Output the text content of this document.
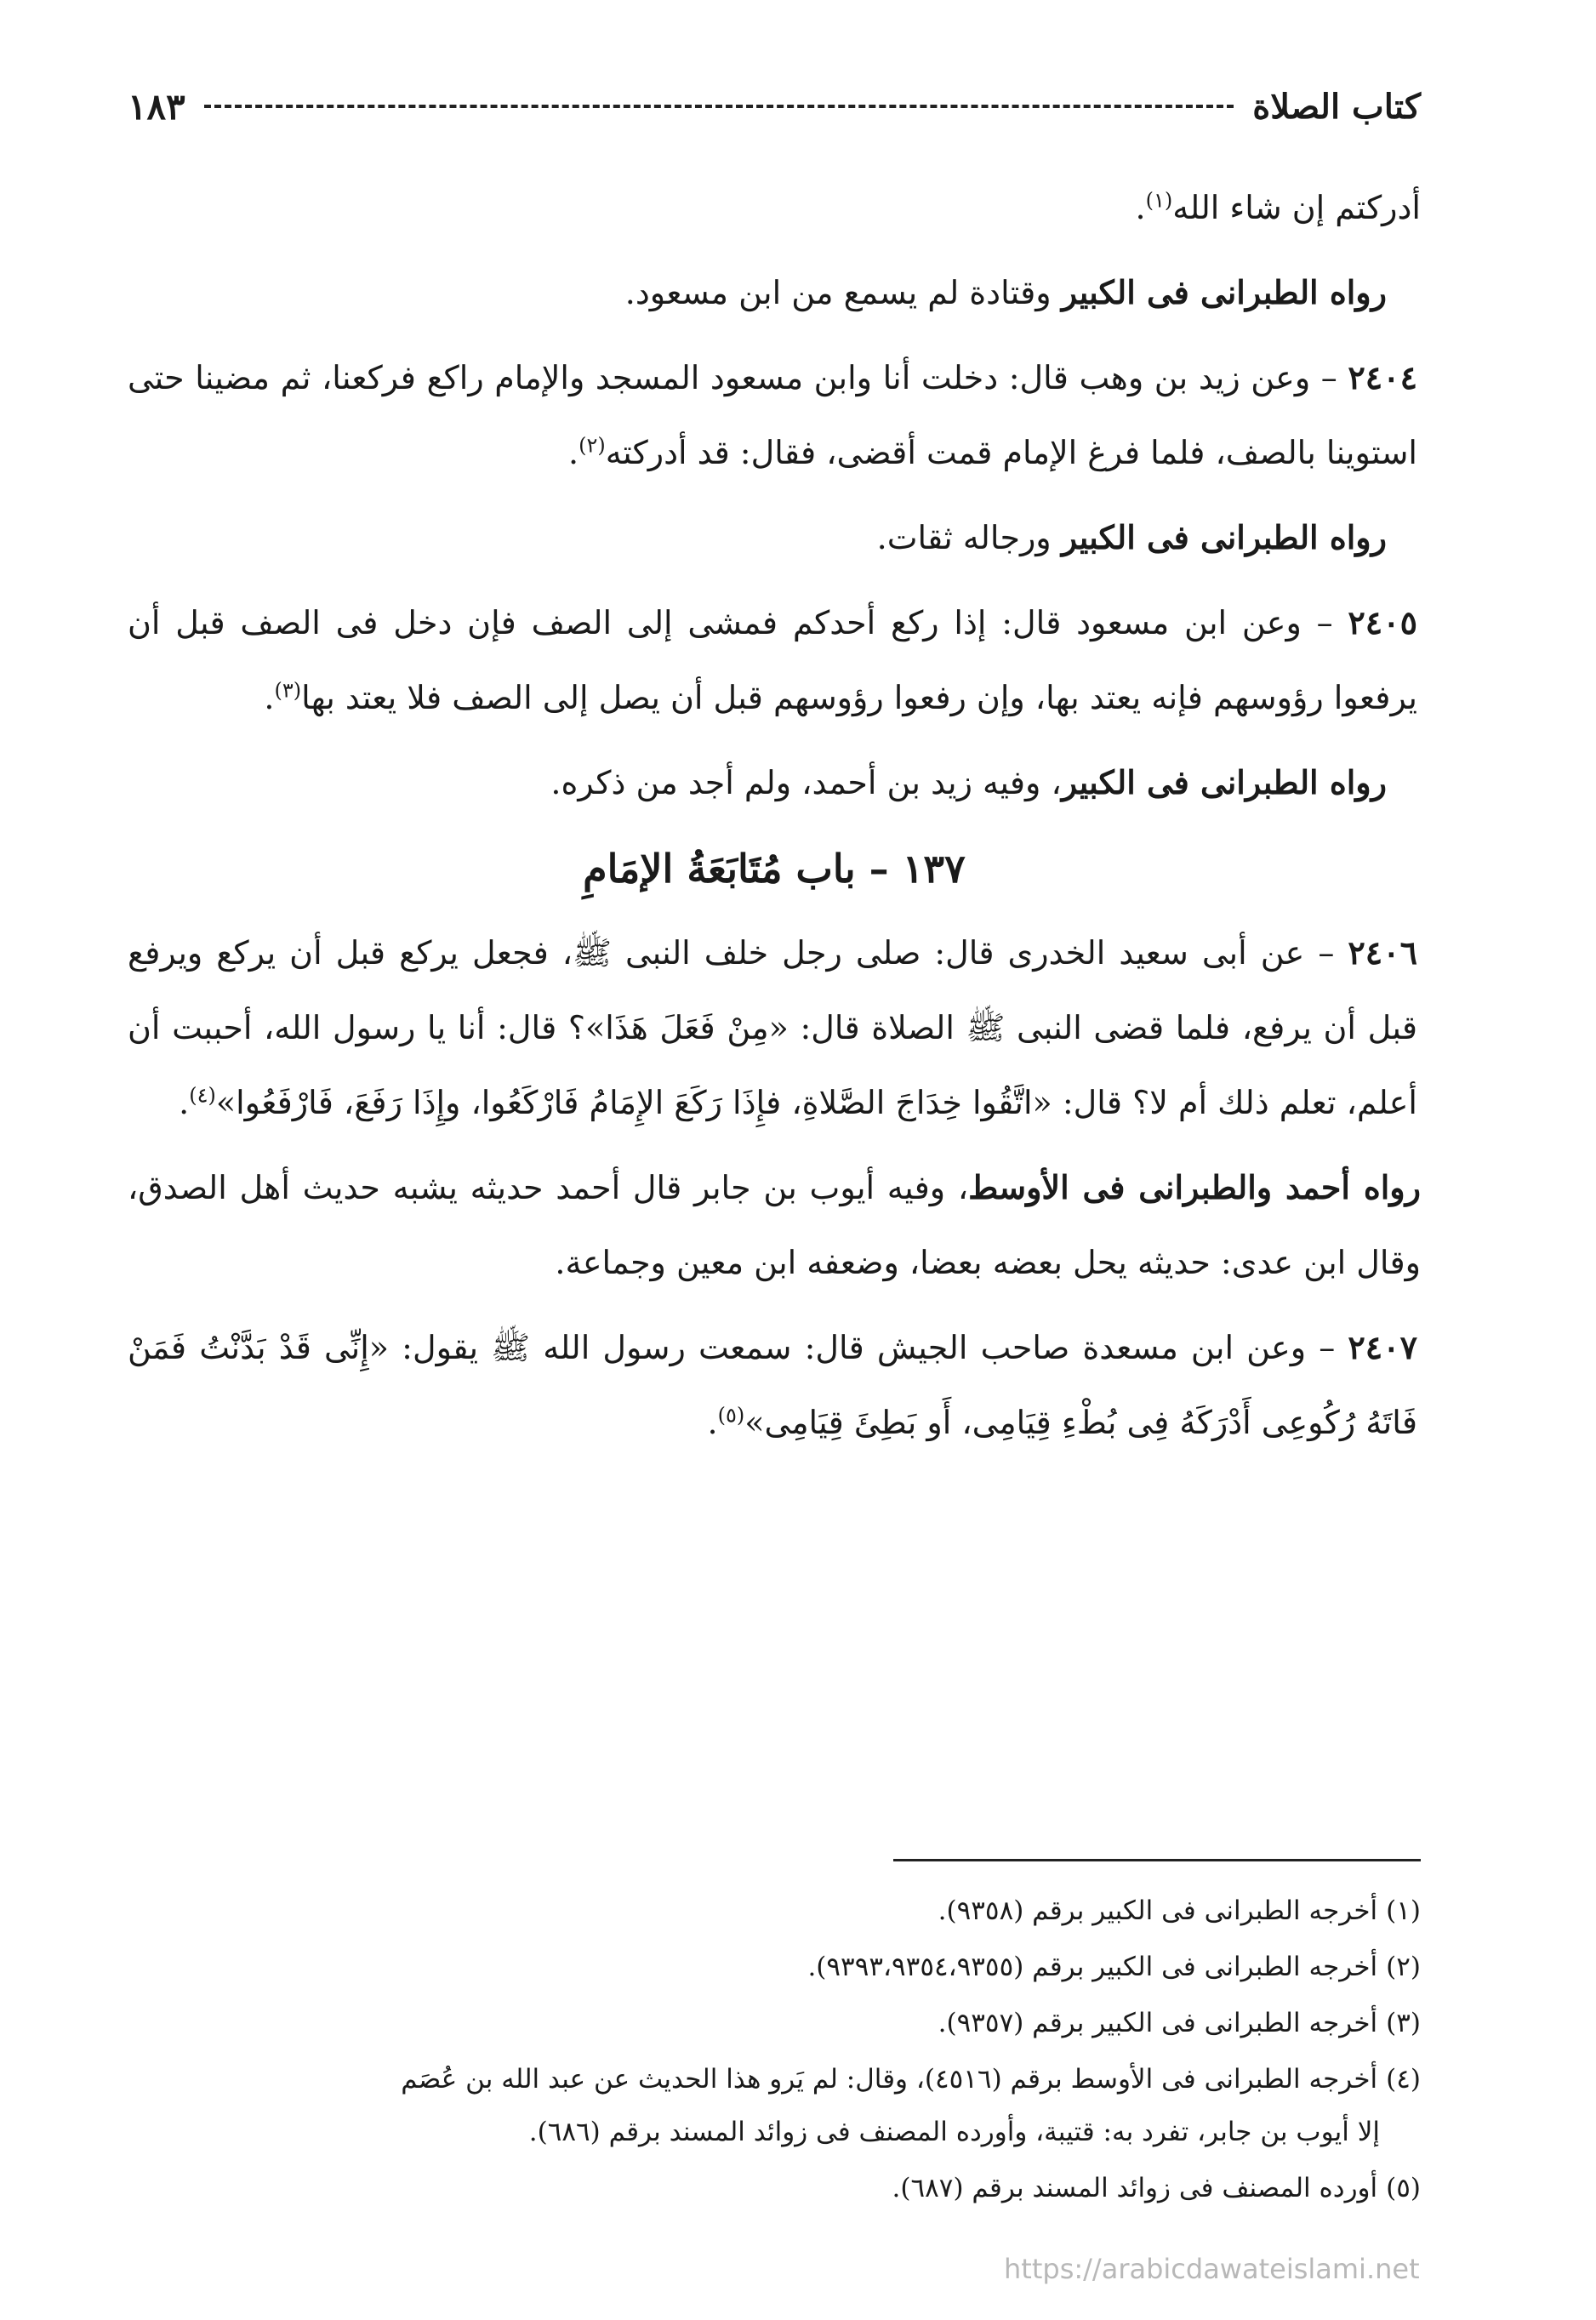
كتاب الصلاة
١٨٣

أدركتم إن شاء الله$^{(١)}$.

رواه الطبرانى فى الكبير وقتادة لم يسمع من ابن مسعود.

٢٤٠٤ – وعن زيد بن وهب قال: دخلت أنا وابن مسعود المسجد والإمام راكع فركعنا، ثم مضينا حتى استوينا بالصف، فلما فرغ الإمام قمت أقضى، فقال: قد أدركته$^{(٢)}$.

رواه الطبرانى فى الكبير ورجاله ثقات.

٢٤٠٥ – وعن ابن مسعود قال: إذا ركع أحدكم فمشى إلى الصف فإن دخل فى الصف قبل أن يرفعوا رؤوسهم فإنه يعتد بها، وإن رفعوا رؤوسهم قبل أن يصل إلى الصف فلا يعتد بها$^{(٣)}$.

رواه الطبرانى فى الكبير، وفيه زيد بن أحمد، ولم أجد من ذكره.

١٣٧ – باب مُتَابَعَةُ الإمَامِ

٢٤٠٦ – عن أبى سعيد الخدرى قال: صلى رجل خلف النبى ﷺ، فجعل يركع قبل أن يركع ويرفع قبل أن يرفع، فلما قضى النبى ﷺ الصلاة قال: «مِنْ فَعَلَ هَذَا»؟ قال: أنا يا رسول الله، أحببت أن أعلم، تعلم ذلك أم لا؟ قال: «اتَّقُوا خِدَاجَ الصَّلاةِ، فإِذَا رَكَعَ الإِمَامُ فَارْكَعُوا، وإِذَا رَفَعَ، فَارْفَعُوا»$^{(٤)}$.

رواه أحمد والطبرانى فى الأوسط، وفيه أيوب بن جابر قال أحمد حديثه يشبه حديث أهل الصدق، وقال ابن عدى: حديثه يحل بعضه بعضا، وضعفه ابن معين وجماعة.

٢٤٠٧ – وعن ابن مسعدة صاحب الجيش قال: سمعت رسول الله ﷺ يقول: «إِنِّى قَدْ بَدَّنْتُ فَمَنْ فَاتَهُ رُكُوعِى أَدْرَكَهُ فِى بُطْءِ قِيَامِى، أَو بَطِئَ قِيَامِى»$^{(٥)}$.

(١)أخرجه الطبرانى فى الكبير برقم (٩٣٥٨).

(٢)أخرجه الطبرانى فى الكبير برقم (٩٣٩٣،٩٣٥٤،٩٣٥٥).

(٣)أخرجه الطبرانى فى الكبير برقم (٩٣٥٧).

(٤)أخرجه الطبرانى فى الأوسط برقم (٤٥١٦)، وقال: لم يَرو هذا الحديث عن عبد الله بن عُصَم
إلا أيوب بن جابر، تفرد به: قتيبة، وأورده المصنف فى زوائد المسند برقم (٦٨٦).

(٥)أورده المصنف فى زوائد المسند برقم (٦٨٧).

https://arabicdawateislami.net
